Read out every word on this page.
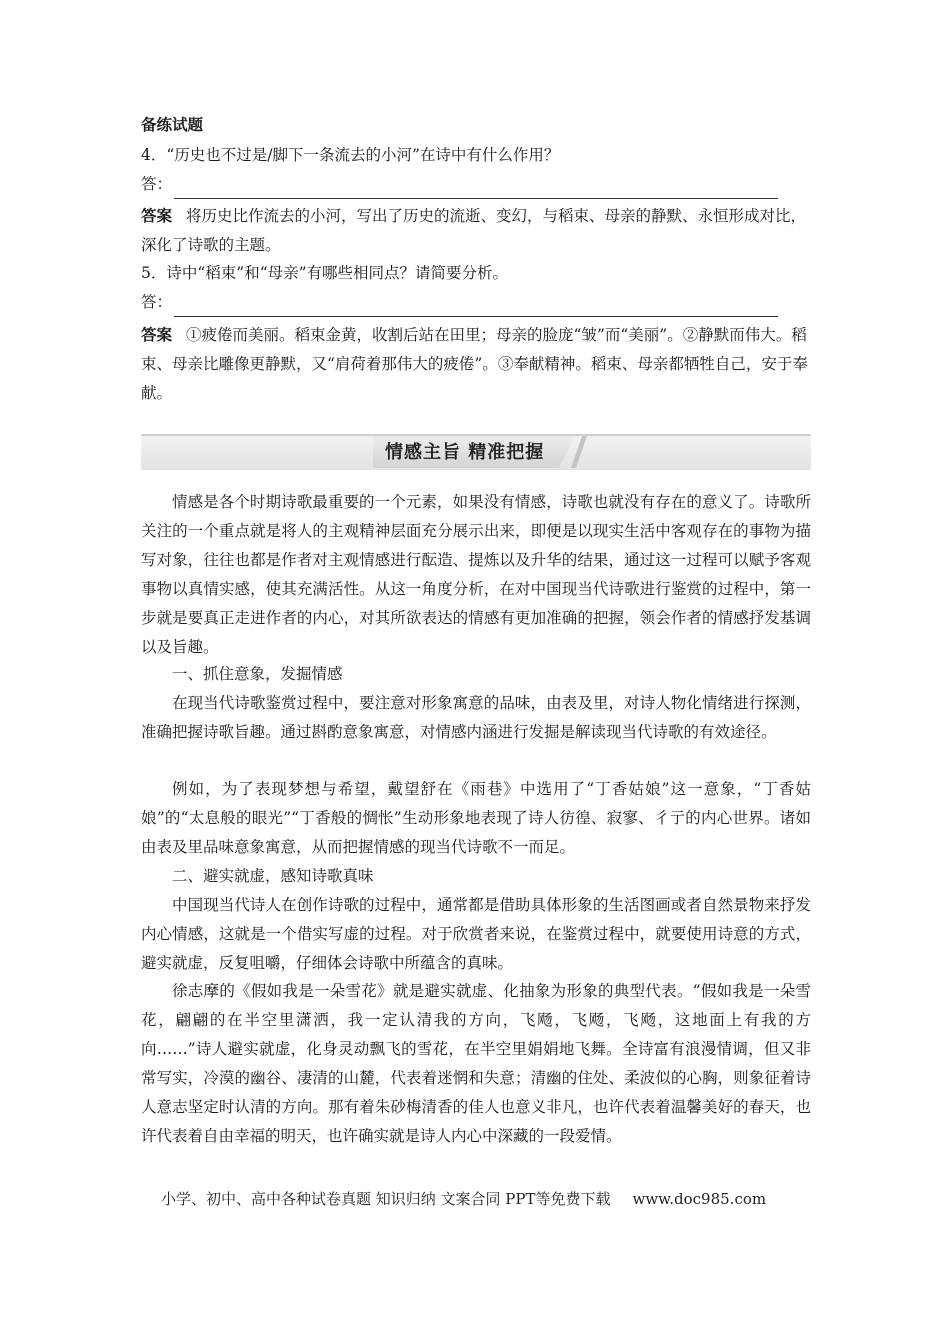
备练试题
4．“历史也不过是/脚下一条流去的小河”在诗中有什么作用？
答：
答案 将历史比作流去的小河，写出了历史的流逝、变幻，与稻束、母亲的静默、永恒形成对比，深化了诗歌的主题。
5．诗中“稻束”和“母亲”有哪些相同点？请简要分析。
答：
答案 ①疲倦而美丽。稻束金黄，收割后站在田里；母亲的脸庞“皱”而“美丽”。②静默而伟大。稻束、母亲比雕像更静默，又“肩荷着那伟大的疲倦”。③奉献精神。稻束、母亲都牺牲自己，安于奉献。
情感主旨 精准把握
情感是各个时期诗歌最重要的一个元素，如果没有情感，诗歌也就没有存在的意义了。诗歌所关注的一个重点就是将人的主观精神层面充分展示出来，即便是以现实生活中客观存在的事物为描写对象，往往也都是作者对主观情感进行酝造、提炼以及升华的结果，通过这一过程可以赋予客观事物以真情实感，使其充满活性。从这一角度分析，在对中国现当代诗歌进行鉴赏的过程中，第一步就是要真正走进作者的内心，对其所欲表达的情感有更加准确的把握，领会作者的情感抒发基调以及旨趣。
一、抓住意象，发掘情感
在现当代诗歌鉴赏过程中，要注意对形象寓意的品味，由表及里，对诗人物化情绪进行探测，准确把握诗歌旨趣。通过斟酌意象寓意，对情感内涵进行发掘是解读现当代诗歌的有效途径。
例如，为了表现梦想与希望，戴望舒在《雨巷》中选用了“丁香姑娘”这一意象，“丁香姑娘”的“太息般的眼光”“丁香般的惆怅”生动形象地表现了诗人彷徨、寂寥、彳亍的内心世界。诸如由表及里品味意象寓意，从而把握情感的现当代诗歌不一而足。
二、避实就虚，感知诗歌真味
中国现当代诗人在创作诗歌的过程中，通常都是借助具体形象的生活图画或者自然景物来抒发内心情感，这就是一个借实写虚的过程。对于欣赏者来说，在鉴赏过程中，就要使用诗意的方式，避实就虚，反复咀嚼，仔细体会诗歌中所蕴含的真味。
徐志摩的《假如我是一朵雪花》就是避实就虚、化抽象为形象的典型代表。“假如我是一朵雪花，翩翩的在半空里潇洒，我一定认清我的方向，飞飏，飞飏，飞飏，这地面上有我的方向……”诗人避实就虚，化身灵动飘飞的雪花，在半空里娟娟地飞舞。全诗富有浪漫情调，但又非常写实，冷漠的幽谷、凄清的山麓，代表着迷惘和失意；清幽的住处、柔波似的心胸，则象征着诗人意志坚定时认清的方向。那有着朱砂梅清香的佳人也意义非凡，也许代表着温馨美好的春天，也许代表着自由幸福的明天，也许确实就是诗人内心中深藏的一段爱情。
小学、初中、高中各种试卷真题 知识归纳 文案合同 PPT等免费下载 www.doc985.com
